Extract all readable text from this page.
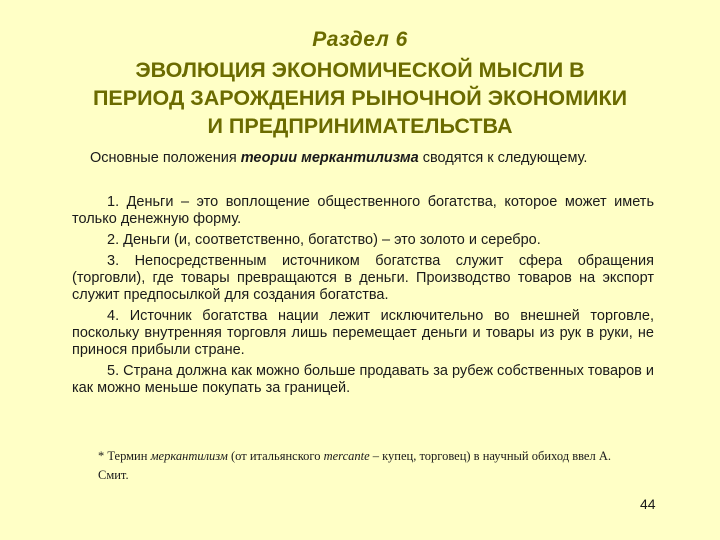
Раздел 6
ЭВОЛЮЦИЯ ЭКОНОМИЧЕСКОЙ МЫСЛИ В
ПЕРИОД ЗАРОЖДЕНИЯ РЫНОЧНОЙ ЭКОНОМИКИ
И ПРЕДПРИНИМАТЕЛЬСТВА
Основные положения теории меркантилизма сводятся к следующему.

1. Деньги – это воплощение общественного богатства, которое может иметь только денежную форму.

2. Деньги (и, соответственно, богатство) – это золото и серебро.

3. Непосредственным источником богатства служит сфера обращения (торговли), где товары превращаются в деньги. Производство товаров на экспорт служит предпосылкой для создания богатства.

4. Источник богатства нации лежит исключительно во внешней торговле, поскольку внутренняя торговля лишь перемещает деньги и товары из рук в руки, не принося прибыли стране.

5. Страна должна как можно больше продавать за рубеж собственных товаров и как можно меньше покупать за границей.

* Термин меркантилизм (от итальянского mercante – купец, торговец) в научный обиход ввел А. Смит.
44
